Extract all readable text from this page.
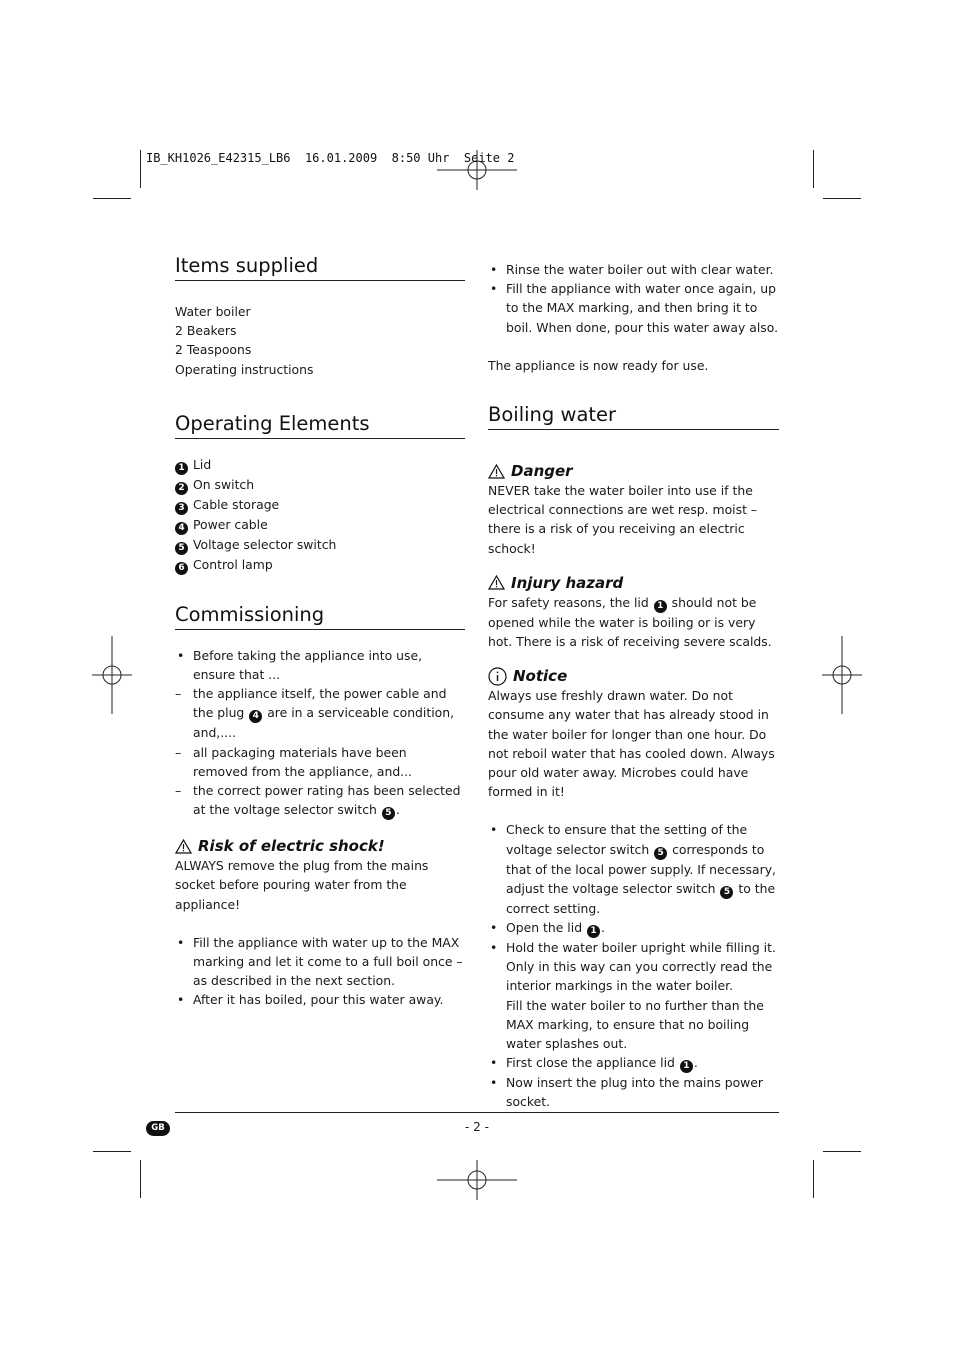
IB_KH1026_E42315_LB6  16.01.2009  8:50 Uhr  Seite 2
Items supplied
Water boiler
2 Beakers
2 Teaspoons
Operating instructions
Operating Elements
1 Lid
2 On switch
3 Cable storage
4 Power cable
5 Voltage selector switch
6 Control lamp
Commissioning
• Before taking the appliance into use, ensure that ...
– the appliance itself, the power cable and the plug 4 are in a serviceable condition, and,....
– all packaging materials have been removed from the appliance, and...
– the correct power rating has been selected at the voltage selector switch 5 .
Risk of electric shock!

ALWAYS remove the plug from the mains socket before pouring water from the appliance!

• Fill the appliance with water up to the MAX marking and let it come to a full boil once – as described in the next section.
• After it has boiled, pour this water away.
• Rinse the water boiler out with clear water.
• Fill the appliance with water once again, up to the MAX marking, and then bring it to boil. When done, pour this water away also.

The appliance is now ready for use.

Boiling water
Danger

NEVER take the water boiler into use if the electrical connections are wet resp. moist – there is a risk of you receiving an electric schock!

Injury hazard

For safety reasons, the lid 1 should not be opened while the water is boiling or is very hot. There is a risk of receiving severe scalds.

Notice

Always use freshly drawn water. Do not consume any water that has already stood in the water boiler for longer than one hour. Do not reboil water that has cooled down. Always pour old water away. Microbes could have formed in it!

• Check to ensure that the setting of the voltage selector switch 5 corresponds to that of the local power supply. If necessary, adjust the voltage selector switch 5 to the correct setting.
• Open the lid 1 .
• Hold the water boiler upright while filling it. Only in this way can you correctly read the interior markings in the water boiler.
Fill the water boiler to no further than the MAX marking, to ensure that no boiling water splashes out.
• First close the appliance lid 1 .
• Now insert the plug into the mains power socket.
GB	- 2 -
